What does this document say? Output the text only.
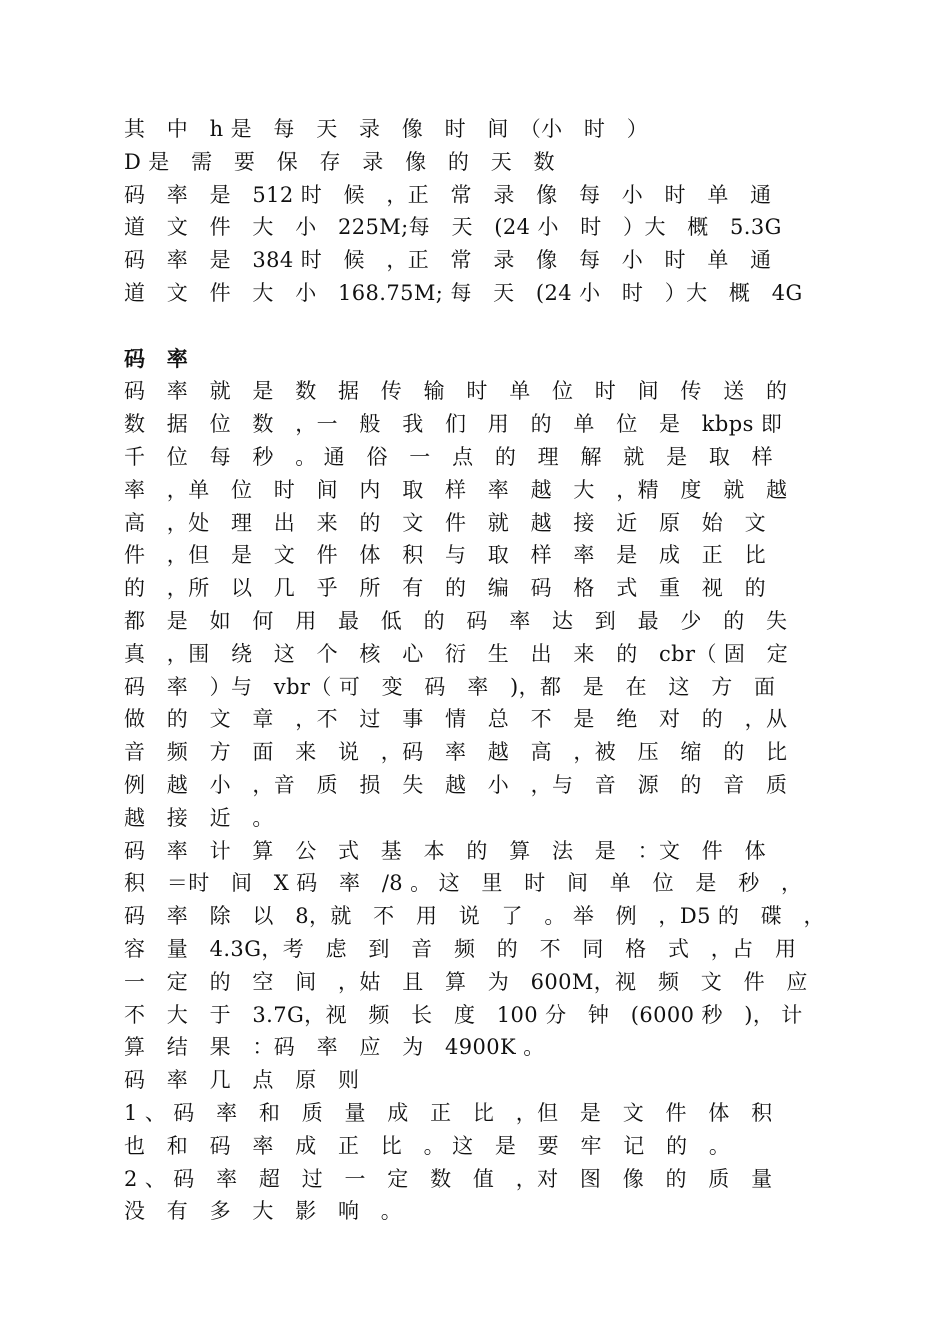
其　中　h 是　每　天　录　像　时　间　（小　时　）
D 是　需　要　保　存　录　像　的　天　数
码　率　是　512 时　候　，正　常　录　像　每　小　时　单　通
道　文　件　大　小　225M;每　天　(24 小　时　）大　概　5.3G
码　率　是　384 时　候　，正　常　录　像　每　小　时　单　通
道　文　件　大　小　168.75M; 每　天　(24 小　时　）大　概　4G
码　率
码　率　就　是　数　据　传　输　时　单　位　时　间　传　送　的
数　据　位　数　，一　般　我　们　用　的　单　位　是　kbps 即
千　位　每　秒　。 通　俗　一　点　的　理　解　就　是　取　样
率　，单　位　时　间　内　取　样　率　越　大　，精　度　就　越
高　，处　理　出　来　的　文　件　就　越　接　近　原　始　文
件　，但　是　文　件　体　积　与　取　样　率　是　成　正　比
的　，所　以　几　乎　所　有　的　编　码　格　式　重　视　的
都　是　如　何　用　最　低　的　码　率　达　到　最　少　的　失
真　，围　绕　这　个　核　心　衍　生　出　来　的　cbr（ 固　定
码　率　）与　vbr（ 可　变　码　率　)，都　是　在　这　方　面
做　的　文　章　，不　过　事　情　总　不　是　绝　对　的　，从
音　频　方　面　来　说　，码　率　越　高　，被　压　缩　的　比
例　越　小　，音　质　损　失　越　小　，与　音　源　的　音　质
越　接　近　。
码　率　计　算　公　式　基　本　的　算　法　是　：文　件　体
积　＝时　间　X 码　率　/8 。 这　里　时　间　单　位　是　秒　，
码　率　除　以　8，就　不　用　说　了　。 举　例　，D5 的　碟　，
容　量　4.3G，考　虑　到　音　频　的　不　同　格　式　，占　用
一　定　的　空　间　，姑　且　算　为　600M，视　频　文　件　应
不　大　于　3.7G，视　频　长　度　100 分　钟　(6000 秒　)， 计
算　结　果　：码　率　应　为　4900K 。
码　率　几　点　原　则
1 、 码　率　和　质　量　成　正　比　，但　是　文　件　体　积
也　和　码　率　成　正　比　。 这　是　要　牢　记　的　。
2 、 码　率　超　过　一　定　数　值　，对　图　像　的　质　量
没　有　多　大　影　响　。
